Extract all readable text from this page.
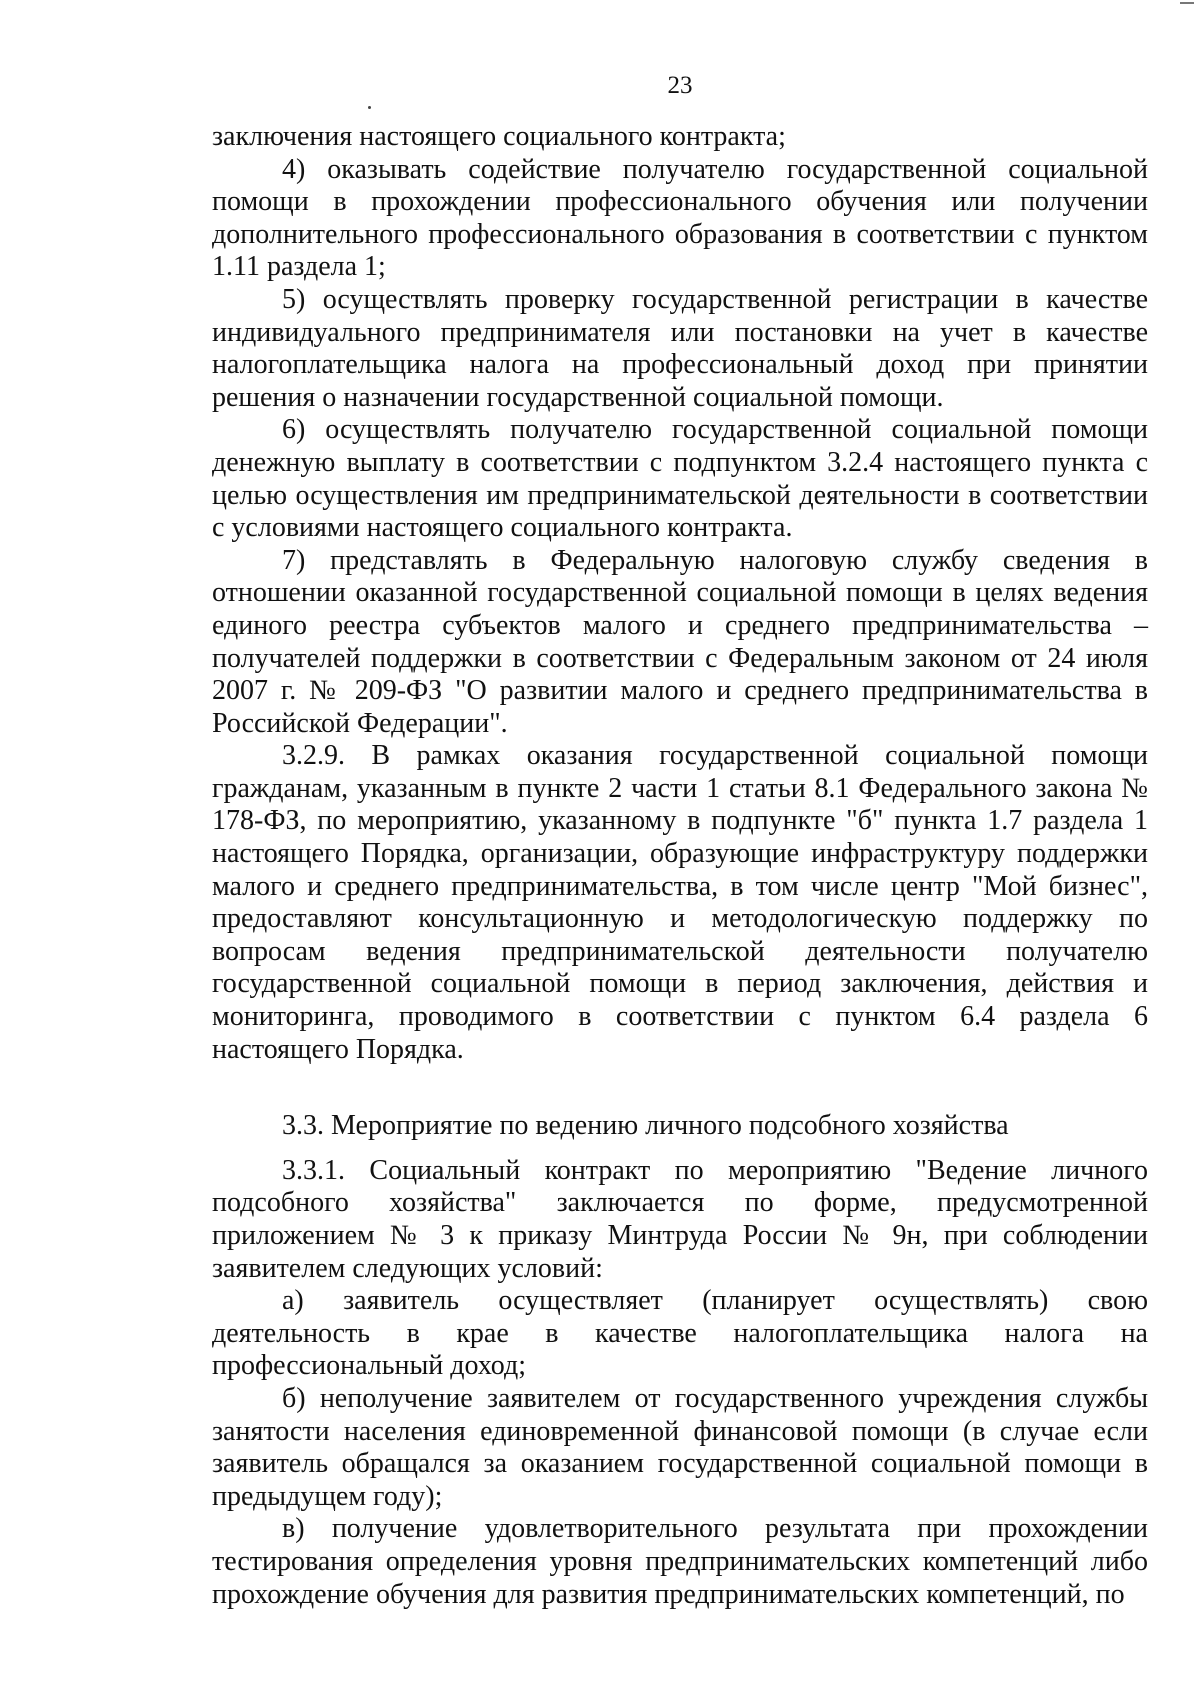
23

заключения настоящего социального контракта;

4) оказывать содействие получателю государственной социальной помощи в прохождении профессионального обучения или получении дополнительного профессионального образования в соответствии с пунктом 1.11 раздела 1;

5) осуществлять проверку государственной регистрации в качестве индивидуального предпринимателя или постановки на учет в качестве налогоплательщика налога на профессиональный доход при принятии решения о назначении государственной социальной помощи.

6) осуществлять получателю государственной социальной помощи денежную выплату в соответствии с подпунктом 3.2.4 настоящего пункта с целью осуществления им предпринимательской деятельности в соответствии с условиями настоящего социального контракта.

7) представлять в Федеральную налоговую службу сведения в отношении оказанной государственной социальной помощи в целях ведения единого реестра субъектов малого и среднего предпринимательства – получателей поддержки в соответствии с Федеральным законом от 24 июля 2007 г. № 209-ФЗ "О развитии малого и среднего предпринимательства в Российской Федерации".

3.2.9. В рамках оказания государственной социальной помощи гражданам, указанным в пункте 2 части 1 статьи 8.1 Федерального закона № 178-ФЗ, по мероприятию, указанному в подпункте "б" пункта 1.7 раздела 1 настоящего Порядка, организации, образующие инфраструктуру поддержки малого и среднего предпринимательства, в том числе центр "Мой бизнес", предоставляют консультационную и методологическую поддержку по вопросам ведения предпринимательской деятельности получателю государственной социальной помощи в период заключения, действия и мониторинга, проводимого в соответствии с пунктом 6.4 раздела 6 настоящего Порядка.

3.3. Мероприятие по ведению личного подсобного хозяйства

3.3.1. Социальный контракт по мероприятию "Ведение личного подсобного хозяйства" заключается по форме, предусмотренной приложением № 3 к приказу Минтруда России № 9н, при соблюдении заявителем следующих условий:

а) заявитель осуществляет (планирует осуществлять) свою деятельность в крае в качестве налогоплательщика налога на профессиональный доход;

б) неполучение заявителем от государственного учреждения службы занятости населения единовременной финансовой помощи (в случае если заявитель обращался за оказанием государственной социальной помощи в предыдущем году);

в) получение удовлетворительного результата при прохождении тестирования определения уровня предпринимательских компетенций либо прохождение обучения для развития предпринимательских компетенций, по
